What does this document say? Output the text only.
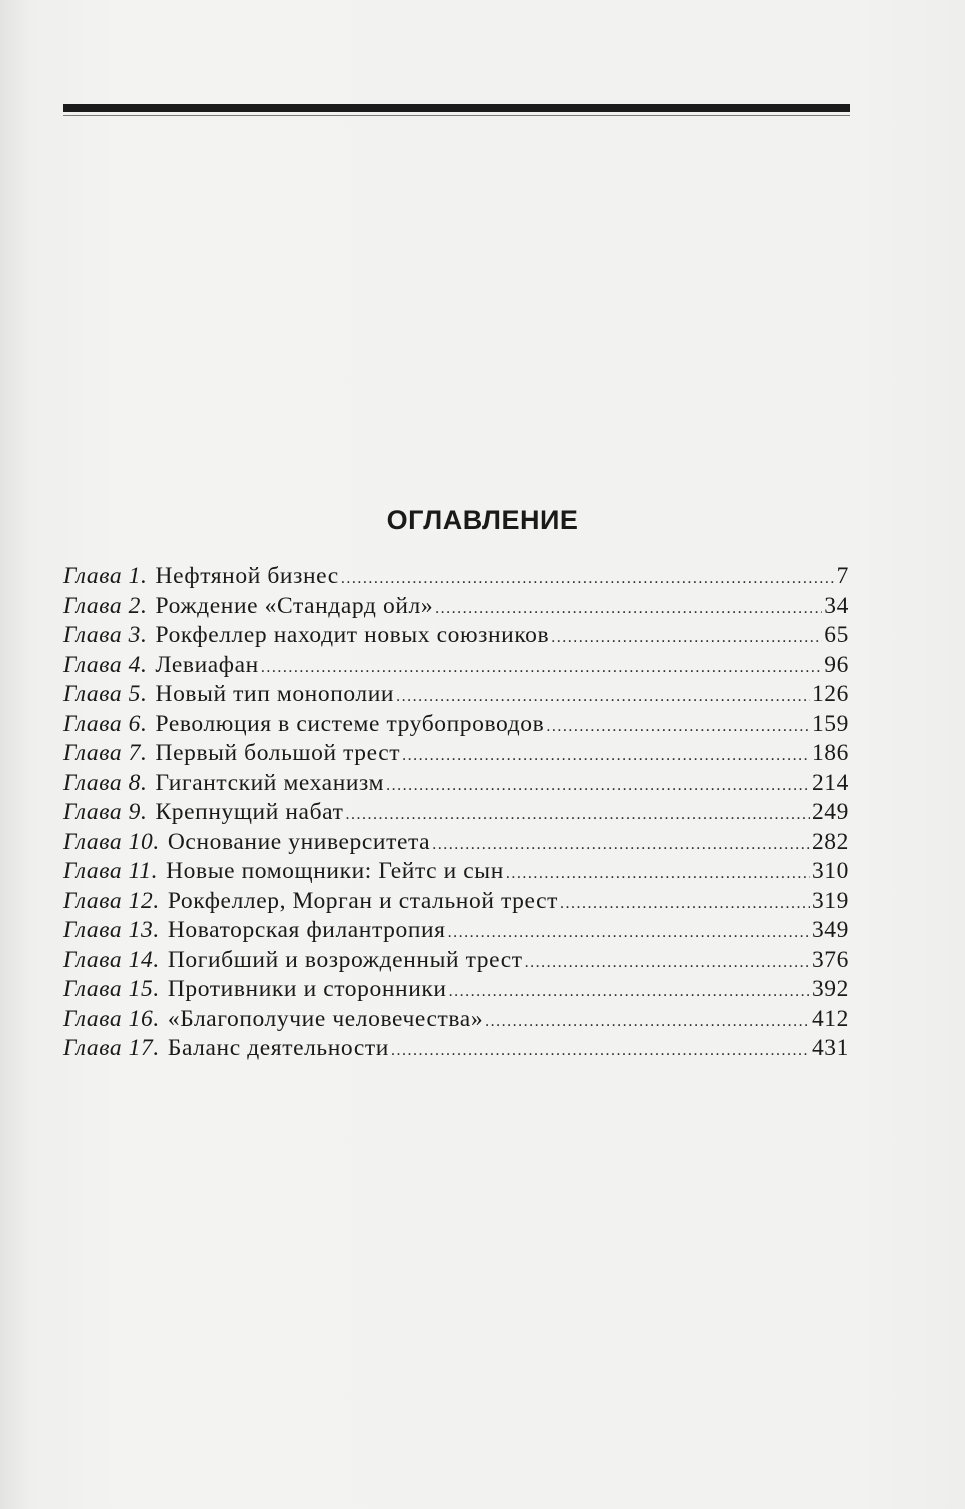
ОГЛАВЛЕНИЕ
Глава 1. Нефтяной бизнес .....	7
Глава 2. Рождение «Стандард ойл» .....	34
Глава 3. Рокфеллер находит новых союзников .....	65
Глава 4. Левиафан .....	96
Глава 5. Новый тип монополии .....	126
Глава 6. Революция в системе трубопроводов .....	159
Глава 7. Первый большой трест .....	186
Глава 8. Гигантский механизм .....	214
Глава 9. Крепнущий набат .....	249
Глава 10. Основание университета .....	282
Глава 11. Новые помощники: Гейтс и сын .....	310
Глава 12. Рокфеллер, Морган и стальной трест .....	319
Глава 13. Новаторская филантропия .....	349
Глава 14. Погибший и возрожденный трест .....	376
Глава 15. Противники и сторонники .....	392
Глава 16. «Благополучие человечества» .....	412
Глава 17. Баланс деятельности .....	431
